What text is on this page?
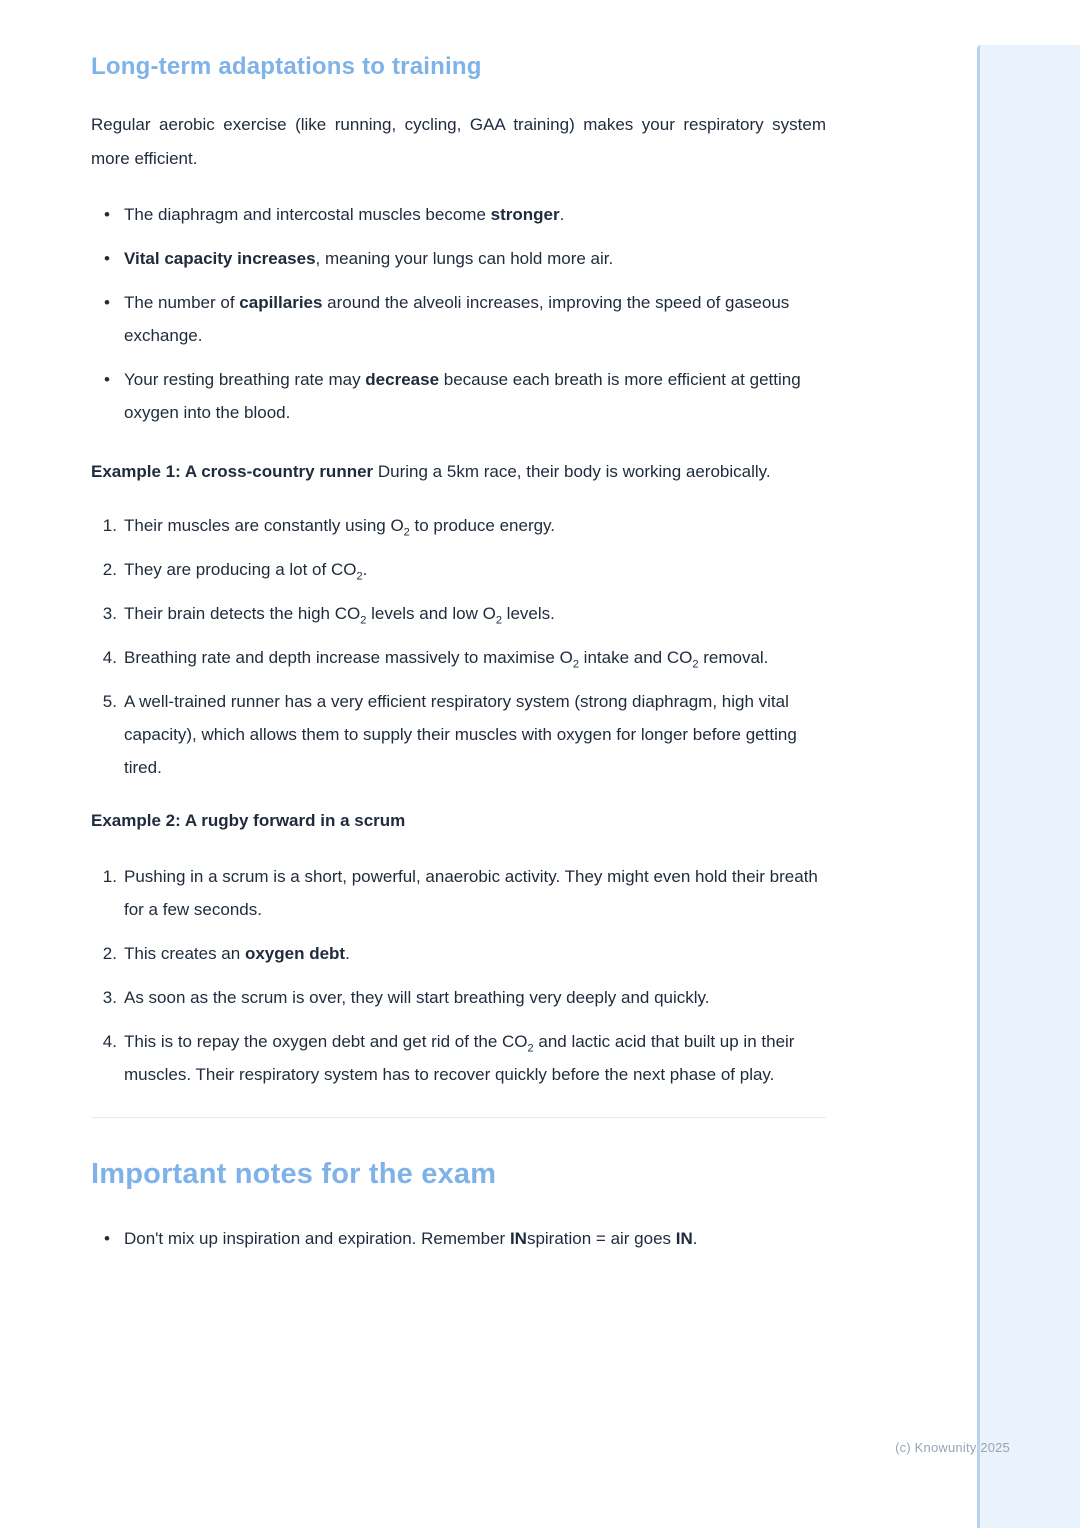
Long-term adaptations to training

Regular aerobic exercise (like running, cycling, GAA training) makes your respiratory system more efficient.

• The diaphragm and intercostal muscles become stronger.
• Vital capacity increases, meaning your lungs can hold more air.
• The number of capillaries around the alveoli increases, improving the speed of gaseous exchange.
• Your resting breathing rate may decrease because each breath is more efficient at getting oxygen into the blood.

Example 1: A cross-country runner During a 5km race, their body is working aerobically.

Their muscles are constantly using $O_2$ to produce energy.
They are producing a lot of $CO_2$.
Their brain detects the high $CO_2$ levels and low $O_2$ levels.
Breathing rate and depth increase massively to maximise $O_2$ intake and $CO_2$ removal.
A well-trained runner has a very efficient respiratory system (strong diaphragm, high vital capacity), which allows them to supply their muscles with oxygen for longer before getting tired.

Example 2: A rugby forward in a scrum

Pushing in a scrum is a short, powerful, anaerobic activity. They might even hold their breath for a few seconds.
This creates an oxygen debt.
As soon as the scrum is over, they will start breathing very deeply and quickly.
This is to repay the oxygen debt and get rid of the $CO_2$ and lactic acid that built up in their muscles. Their respiratory system has to recover quickly before the next phase of play.
Important notes for the exam
• Don't mix up inspiration and expiration. Remember INspiration = air goes IN.
(c) Knowunity 2025
